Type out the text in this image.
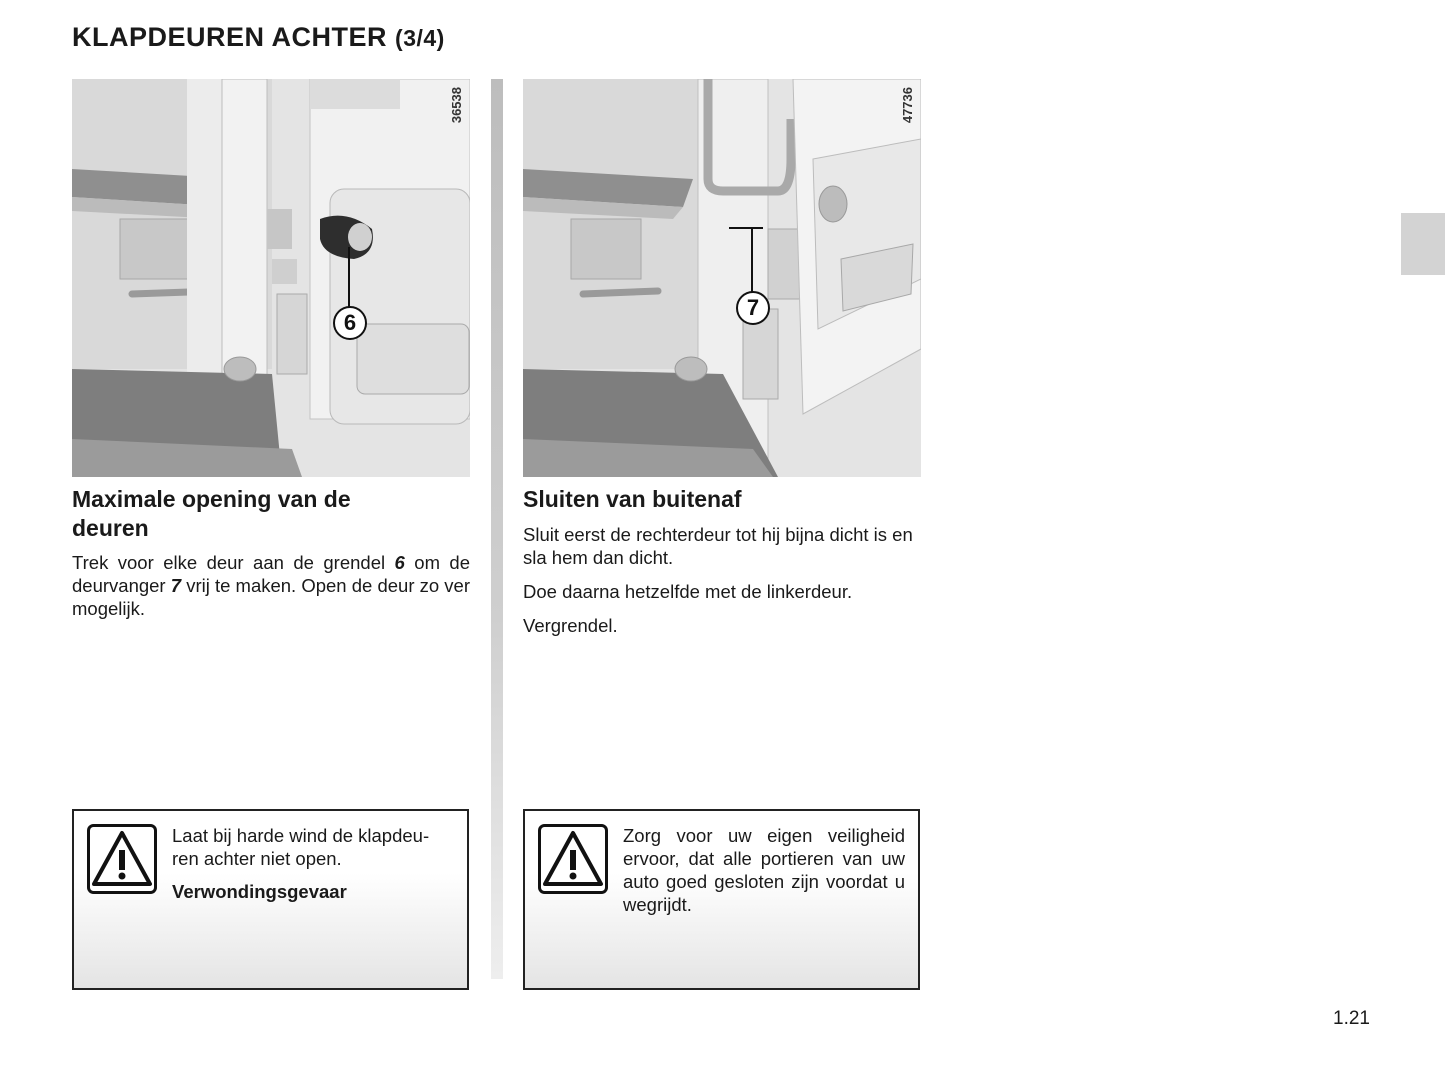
KLAPDEUREN ACHTER (3/4)
36538
6
47736
7
Maximale opening van de deuren

Trek voor elke deur aan de grendel 6 om de deurvanger 7 vrij te maken. Open de deur zo ver mogelijk.

Sluiten van buitenaf

Sluit eerst de rechterdeur tot hij bijna dicht is en sla hem dan dicht.

Doe daarna hetzelfde met de linkerdeur.

Vergrendel.

Laat bij harde wind de klapdeu-ren achter niet open.

Verwondingsgevaar

Zorg voor uw eigen veiligheid ervoor, dat alle portieren van uw auto goed gesloten zijn voordat u wegrijdt.

1.21
